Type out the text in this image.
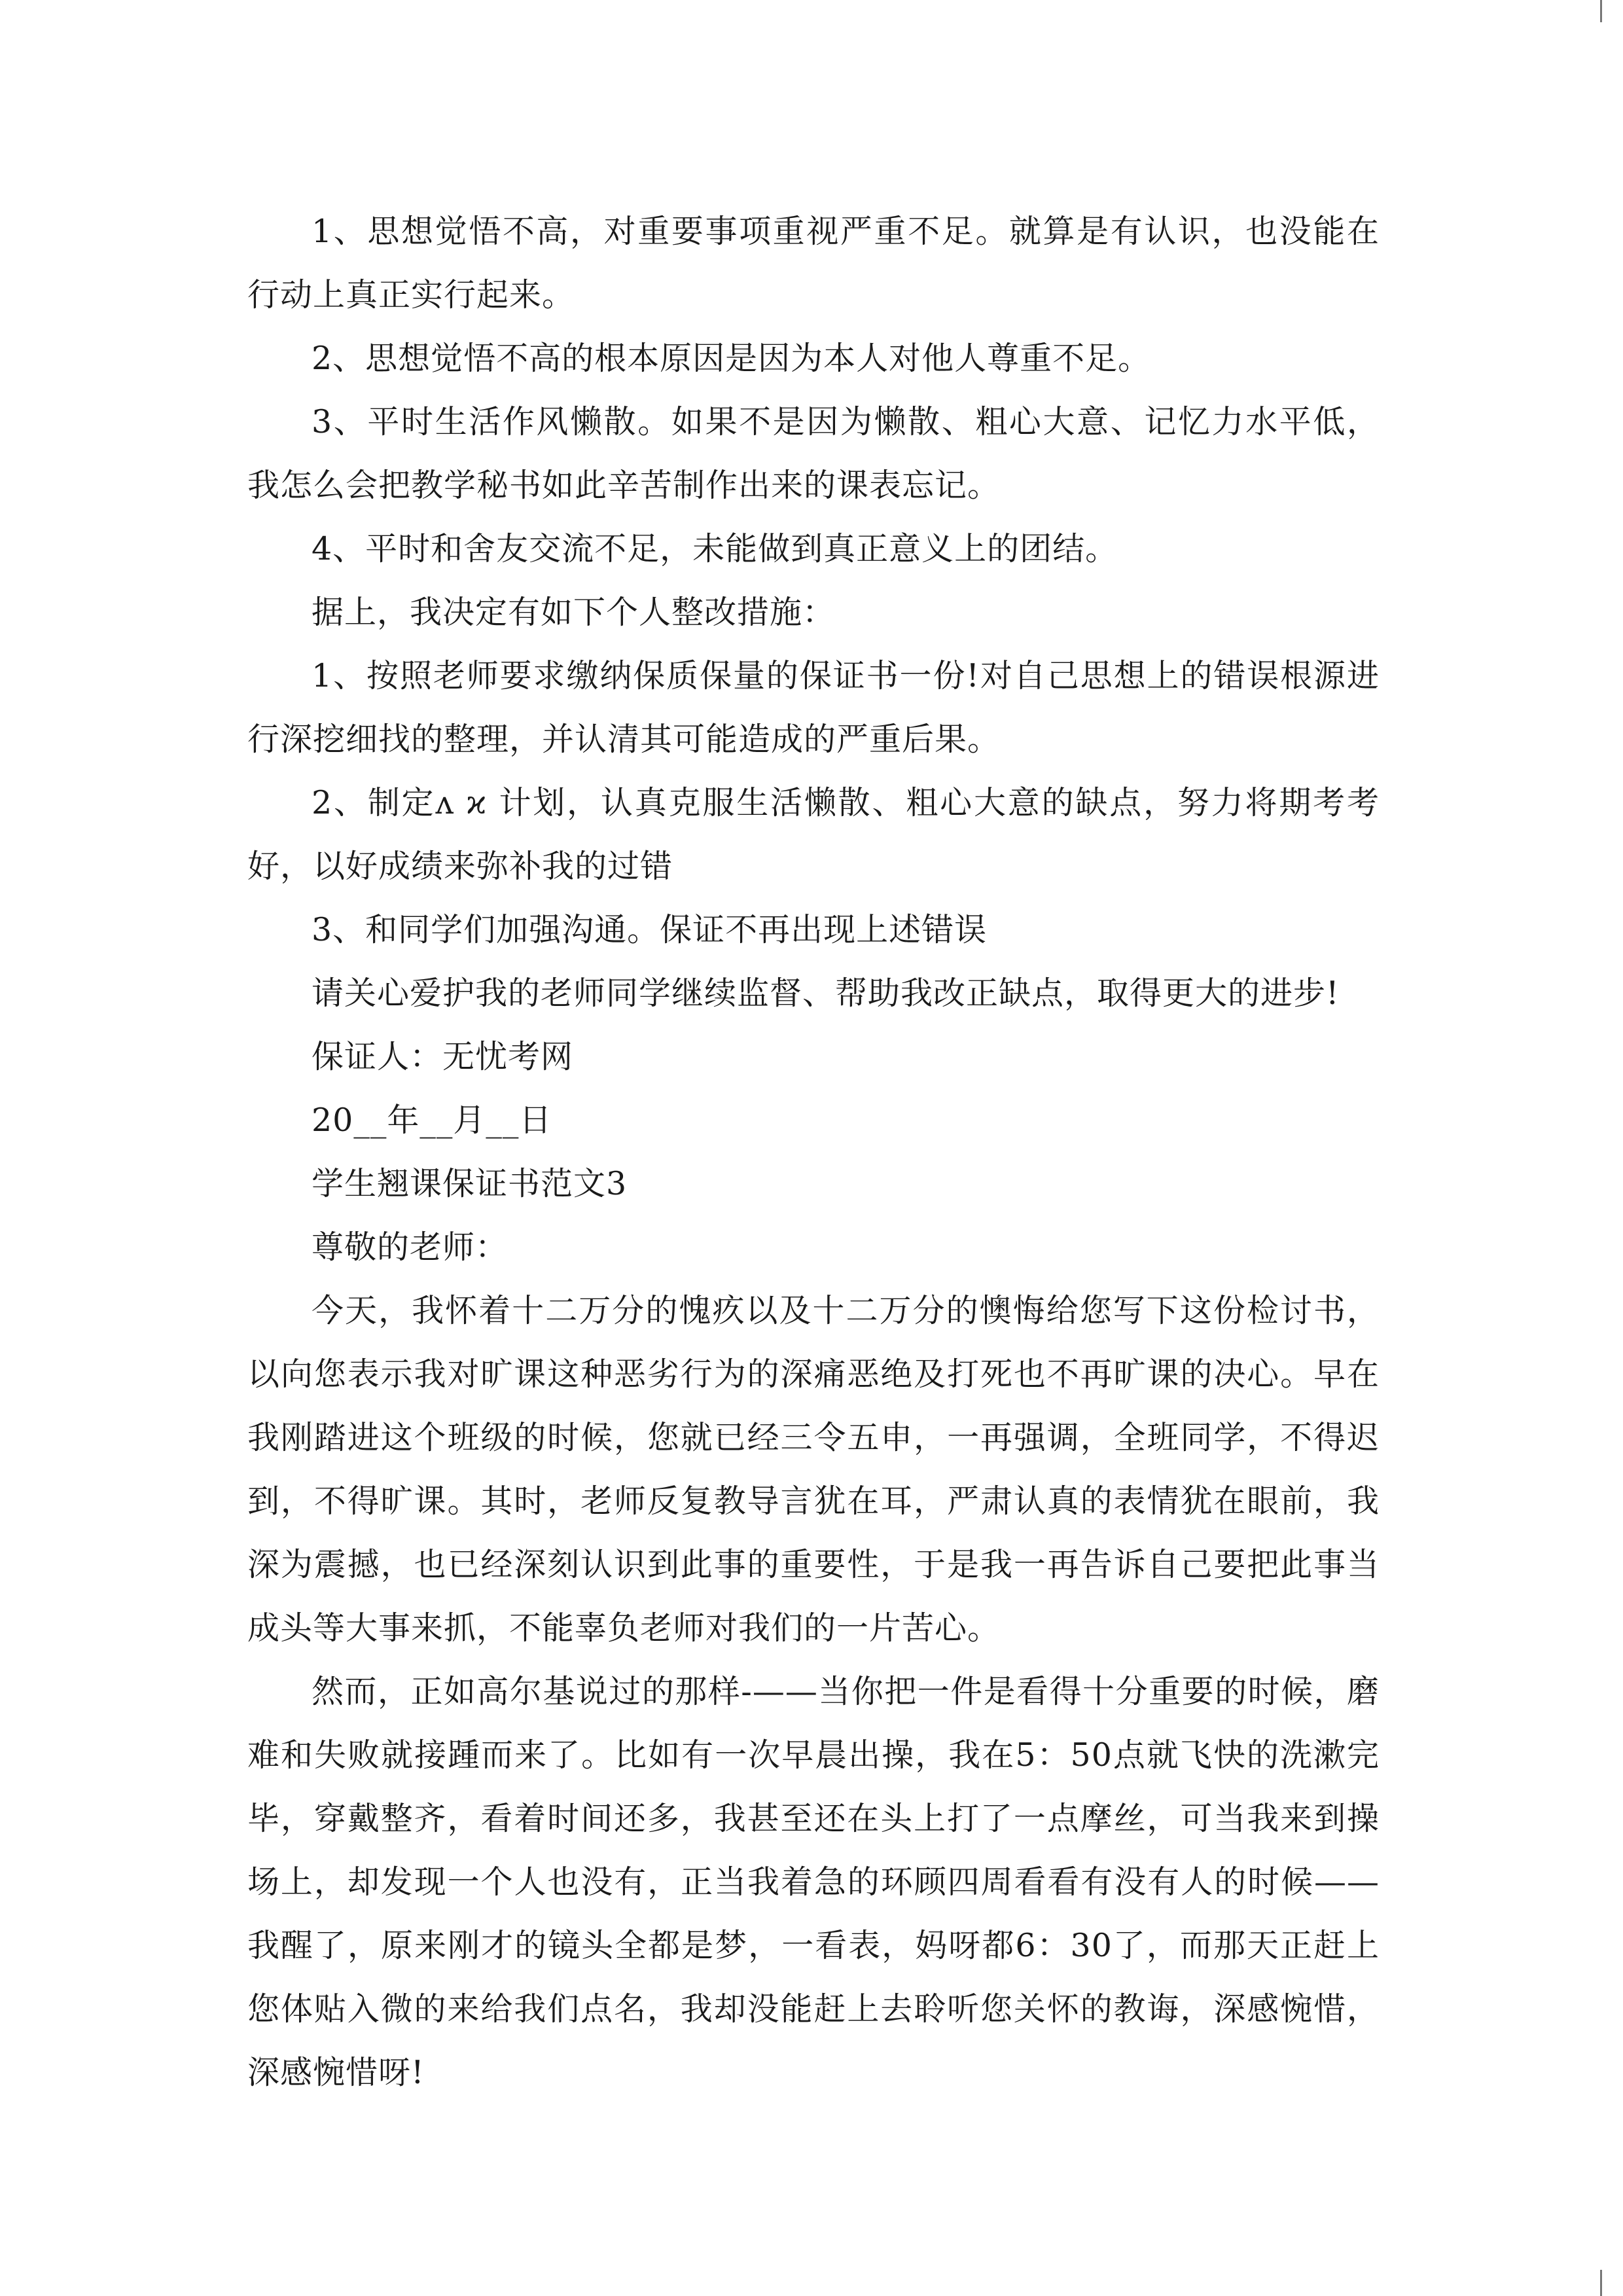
1、思想觉悟不高，对重要事项重视严重不足。就算是有认识，也没能在行动上真正实行起来。

2、思想觉悟不高的根本原因是因为本人对他人尊重不足。

3、平时生活作风懒散。如果不是因为懒散、粗心大意、记忆力水平低，我怎么会把教学秘书如此辛苦制作出来的课表忘记。

4、平时和舍友交流不足，未能做到真正意义上的团结。

据上，我决定有如下个人整改措施：

1、按照老师要求缴纳保质保量的保证书一份!对自己思想上的错误根源进行深挖细找的整理，并认清其可能造成的严重后果。

2、制定ʌ ϰ 计划，认真克服生活懒散、粗心大意的缺点，努力将期考考好，以好成绩来弥补我的过错

3、和同学们加强沟通。保证不再出现上述错误

请关心爱护我的老师同学继续监督、帮助我改正缺点，取得更大的进步!

保证人：无忧考网

20__年__月__日

学生翘课保证书范文3

尊敬的老师：

今天，我怀着十二万分的愧疚以及十二万分的懊悔给您写下这份检讨书，以向您表示我对旷课这种恶劣行为的深痛恶绝及打死也不再旷课的决心。早在我刚踏进这个班级的时候，您就已经三令五申，一再强调，全班同学，不得迟到，不得旷课。其时，老师反复教导言犹在耳，严肃认真的表情犹在眼前，我深为震撼，也已经深刻认识到此事的重要性，于是我一再告诉自己要把此事当成头等大事来抓，不能辜负老师对我们的一片苦心。

然而，正如高尔基说过的那样-——当你把一件是看得十分重要的时候，磨难和失败就接踵而来了。比如有一次早晨出操，我在5：50点就飞快的洗漱完毕，穿戴整齐，看着时间还多，我甚至还在头上打了一点摩丝，可当我来到操场上，却发现一个人也没有，正当我着急的环顾四周看看有没有人的时候——我醒了，原来刚才的镜头全都是梦，一看表，妈呀都6：30了，而那天正赶上您体贴入微的来给我们点名，我却没能赶上去聆听您关怀的教诲，深感惋惜，深感惋惜呀!
